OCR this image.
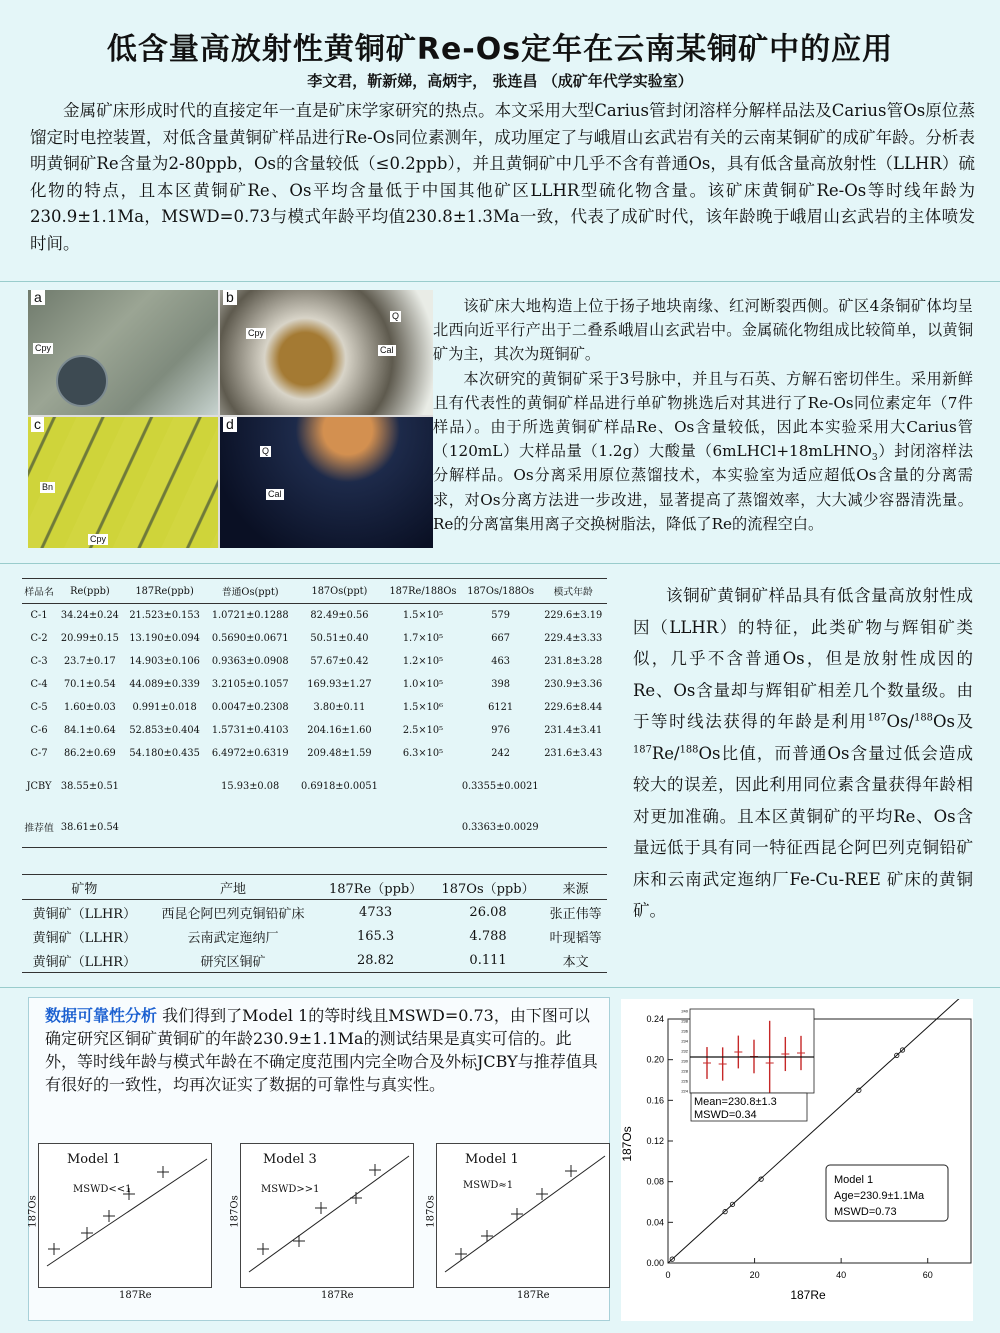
低含量高放射性黄铜矿Re-Os定年在云南某铜矿中的应用
李文君，靳新娣，高炳宇， 张连昌 （成矿年代学实验室）
金属矿床形成时代的直接定年一直是矿床学家研究的热点。本文采用大型Carius管封闭溶样分解样品法及Carius管Os原位蒸馏定时电控装置，对低含量黄铜矿样品进行Re-Os同位素测年，成功厘定了与峨眉山玄武岩有关的云南某铜矿的成矿年龄。分析表明黄铜矿Re含量为2-80ppb，Os的含量较低（≤0.2ppb），并且黄铜矿中几乎不含有普通Os，具有低含量高放射性（LLHR）硫化物的特点，且本区黄铜矿Re、Os平均含量低于中国其他矿区LLHR型硫化物含量。该矿床黄铜矿Re-Os等时线年龄为230.9±1.1Ma，MSWD=0.73与模式年龄平均值230.8±1.3Ma一致，代表了成矿时代，该年龄晚于峨眉山玄武岩的主体喷发时间。
a
Cpy
b
Cpy
Q
Cal
c
Bn
Cpy
d
Q
Cal

该矿床大地构造上位于扬子地块南缘、红河断裂西侧。矿区4条铜矿体均呈北西向近平行产出于二叠系峨眉山玄武岩中。金属硫化物组成比较简单，以黄铜矿为主，其次为斑铜矿。

本次研究的黄铜矿采于3号脉中，并且与石英、方解石密切伴生。采用新鲜且有代表性的黄铜矿样品进行单矿物挑选后对其进行了Re-Os同位素定年（7件样品）。由于所选黄铜矿样品Re、Os含量较低，因此本实验采用大Carius管（120mL）大样品量（1.2g）大酸量（6mLHCl+18mLHNO$_3$）封闭溶样法分解样品。Os分离采用原位蒸馏技术，本实验室为适应超低Os含量的分离需求，对Os分离方法进一步改进，显著提高了蒸馏效率，大大减少容器清洗量。Re的分离富集用离子交换树脂法，降低了Re的流程空白。

样品名	Re(ppb)	187Re(ppb)	普通Os(ppt)	187Os(ppt)	187Re/188Os	187Os/188Os	模式年龄
C-1	34.24±0.24	21.523±0.153	1.0721±0.1288	82.49±0.56	1.5×10⁵	579	229.6±3.19
C-2	20.99±0.15	13.190±0.094	0.5690±0.0671	50.51±0.40	1.7×10⁵	667	229.4±3.33
C-3	23.7±0.17	14.903±0.106	0.9363±0.0908	57.67±0.42	1.2×10⁵	463	231.8±3.28
C-4	70.1±0.54	44.089±0.339	3.2105±0.1057	169.93±1.27	1.0×10⁵	398	230.9±3.36
C-5	1.60±0.03	0.991±0.018	0.0047±0.2308	3.80±0.11	1.5×10⁶	6121	229.6±8.44
C-6	84.1±0.64	52.853±0.404	1.5731±0.4103	204.16±1.60	2.5×10⁵	976	231.4±3.41
C-7	86.2±0.69	54.180±0.435	6.4972±0.6319	209.48±1.59	6.3×10⁵	242	231.6±3.43
JCBY	38.55±0.51		15.93±0.08	0.6918±0.0051		0.3355±0.0021	
推荐值	38.61±0.54					0.3363±0.0029	
矿物	产地	187Re（ppb）	187Os（ppb）	来源
黄铜矿（LLHR）	西昆仑阿巴列克铜铅矿床	4733	26.08	张正伟等
黄铜矿（LLHR）	云南武定迤纳厂	165.3	4.788	叶现韬等
黄铜矿（LLHR）	研究区铜矿	28.82	0.111	本文
该铜矿黄铜矿样品具有低含量高放射性成因（LLHR）的特征，此类矿物与辉钼矿类似，几乎不含普通Os，但是放射性成因的Re、Os含量却与辉钼矿相差几个数量级。由于等时线法获得的年龄是利用$^{187}$Os/$^{188}$Os及$^{187}$Re/$^{188}$Os比值，而普通Os含量过低会造成较大的误差，因此利用同位素含量获得年龄相对更加准确。且本区黄铜矿的平均Re、Os含量远低于具有同一特征西昆仑阿巴列克铜铅矿床和云南武定迤纳厂Fe-Cu-REE 矿床的黄铜矿。
数据可靠性分析 我们得到了Model 1的等时线且MSWD=0.73，由下图可以确定研究区铜矿黄铜矿的年龄230.9±1.1Ma的测试结果是真实可信的。此外，等时线年龄与模式年龄在不确定度范围内完全吻合及外标JCBY与推荐值具有很好的一致性，均再次证实了数据的可靠性与真实性。
Model 1
MSWD<<1
187Re
187Os
Model 3
MSWD>>1
187Re
187Os
Model 1
MSWD≈1
187Re
187Os
0.00
0.04
0.08
0.12
0.16
0.20
0.24
0	20	40	60
187Re
187Os
Model 1
Age=230.9±1.1Ma
MSWD=0.73
240
238
236
234
232
230
228
226
224
Mean=230.8±1.3
MSWD=0.34
